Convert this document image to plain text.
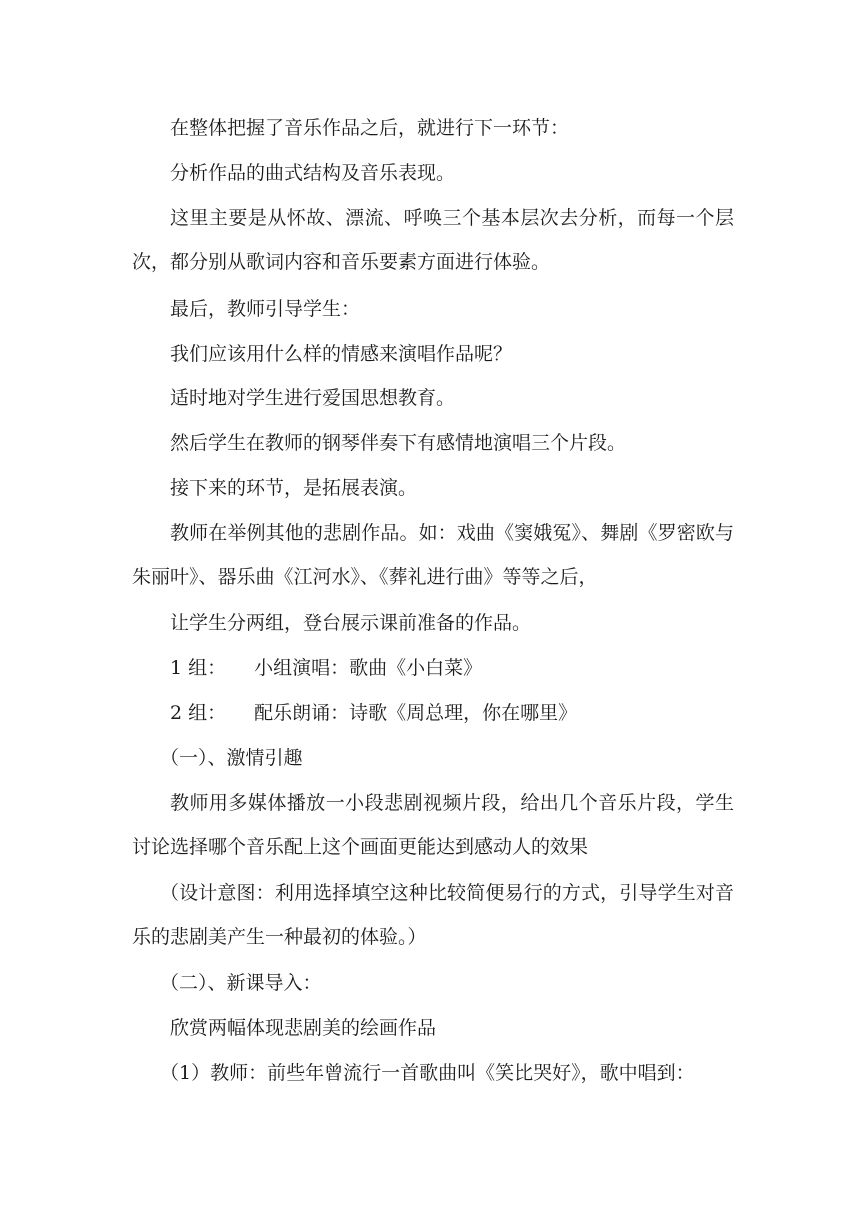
在整体把握了音乐作品之后，就进行下一环节：

分析作品的曲式结构及音乐表现。

这里主要是从怀故、漂流、呼唤三个基本层次去分析，而每一个层次，都分别从歌词内容和音乐要素方面进行体验。

最后，教师引导学生：

我们应该用什么样的情感来演唱作品呢？

适时地对学生进行爱国思想教育。

然后学生在教师的钢琴伴奏下有感情地演唱三个片段。

接下来的环节，是拓展表演。

教师在举例其他的悲剧作品。如：戏曲《窦娥冤》、舞剧《罗密欧与朱丽叶》、器乐曲《江河水》、《葬礼进行曲》等等之后，

让学生分两组，登台展示课前准备的作品。

1 组： 小组演唱：歌曲《小白菜》

2 组： 配乐朗诵：诗歌《周总理，你在哪里》

（一）、激情引趣

教师用多媒体播放一小段悲剧视频片段，给出几个音乐片段，学生讨论选择哪个音乐配上这个画面更能达到感动人的效果

（设计意图：利用选择填空这种比较简便易行的方式，引导学生对音乐的悲剧美产生一种最初的体验。）

（二）、新课导入：

欣赏两幅体现悲剧美的绘画作品

（1）教师：前些年曾流行一首歌曲叫《笑比哭好》，歌中唱到：
